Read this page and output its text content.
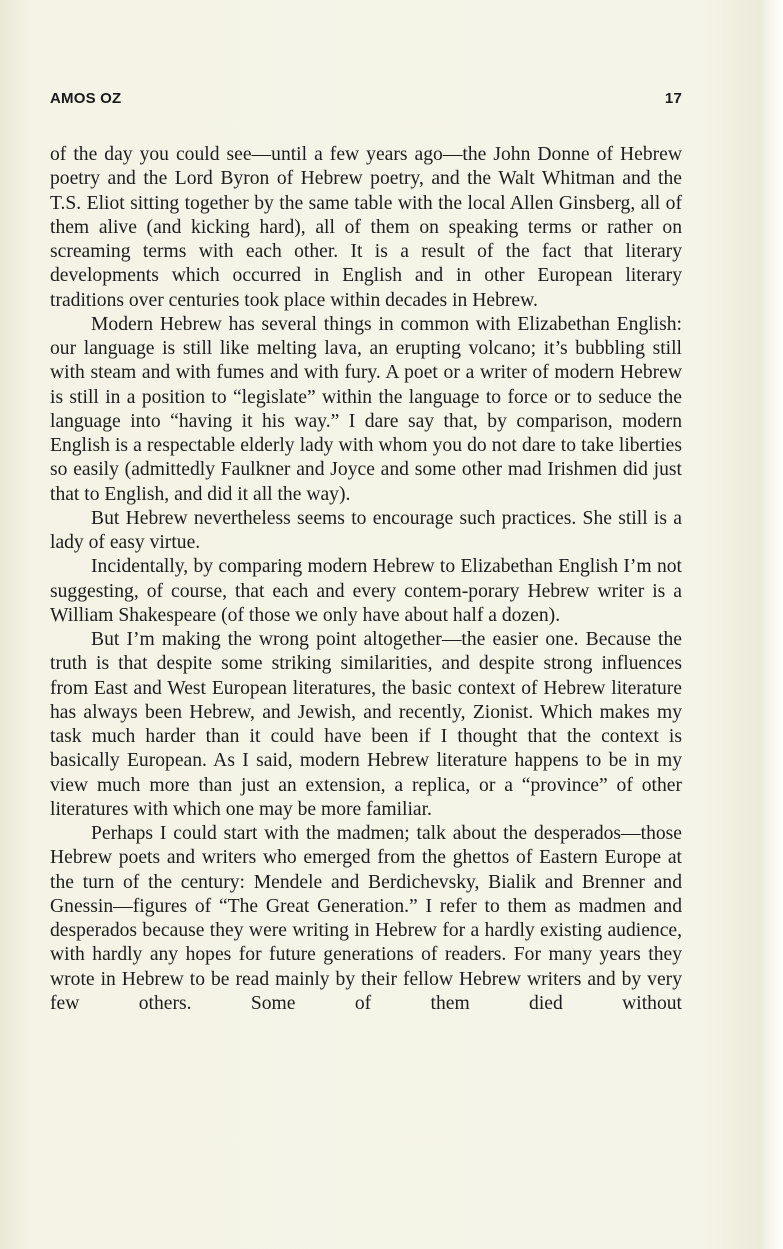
AMOS OZ	17

of the day you could see—until a few years ago—the John Donne of Hebrew poetry and the Lord Byron of Hebrew poetry, and the Walt Whitman and the T.S. Eliot sitting together by the same table with the local Allen Ginsberg, all of them alive (and kicking hard), all of them on speaking terms or rather on screaming terms with each other. It is a result of the fact that literary developments which occurred in English and in other European literary traditions over centuries took place within decades in Hebrew.

Modern Hebrew has several things in common with Elizabethan English: our language is still like melting lava, an erupting volcano; it’s bubbling still with steam and with fumes and with fury. A poet or a writer of modern Hebrew is still in a position to “legislate” within the language to force or to seduce the language into “having it his way.” I dare say that, by comparison, modern English is a respectable elderly lady with whom you do not dare to take liberties so easily (admittedly Faulkner and Joyce and some other mad Irishmen did just that to English, and did it all the way).

But Hebrew nevertheless seems to encourage such practices. She still is a lady of easy virtue.

Incidentally, by comparing modern Hebrew to Elizabethan English I’m not suggesting, of course, that each and every contem-porary Hebrew writer is a William Shakespeare (of those we only have about half a dozen).

But I’m making the wrong point altogether—the easier one. Because the truth is that despite some striking similarities, and despite strong influences from East and West European literatures, the basic context of Hebrew literature has always been Hebrew, and Jewish, and recently, Zionist. Which makes my task much harder than it could have been if I thought that the context is basically European. As I said, modern Hebrew literature happens to be in my view much more than just an extension, a replica, or a “province” of other literatures with which one may be more familiar.

Perhaps I could start with the madmen; talk about the desperados—those Hebrew poets and writers who emerged from the ghettos of Eastern Europe at the turn of the century: Mendele and Berdichevsky, Bialik and Brenner and Gnessin—figures of “The Great Generation.” I refer to them as madmen and desperados because they were writing in Hebrew for a hardly existing audience, with hardly any hopes for future generations of readers. For many years they wrote in Hebrew to be read mainly by their fellow Hebrew writers and by very few others. Some of them died without
